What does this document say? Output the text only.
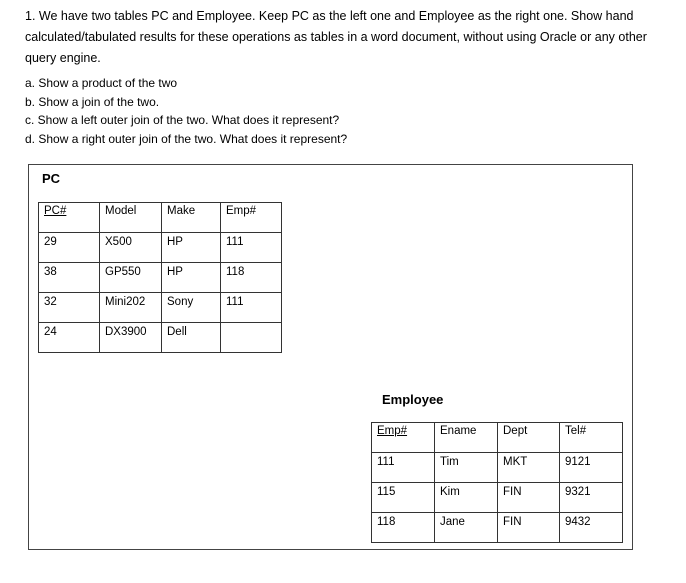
1. We have two tables PC and Employee. Keep PC as the left one and Employee as the right one. Show hand calculated/tabulated results for these operations as tables in a word document, without using Oracle or any other query engine.

a. Show a product of the two
b. Show a join of the two.
c. Show a left outer join of the two. What does it represent?
d. Show a right outer join of the two. What does it represent?
PC
PC#	Model	Make	Emp#
29	X500	HP	111
38	GP550	HP	118
32	Mini202	Sony	111
24	DX3900	Dell	
Employee
Emp#	Ename	Dept	Tel#
111	Tim	MKT	9121
115	Kim	FIN	9321
118	Jane	FIN	9432
